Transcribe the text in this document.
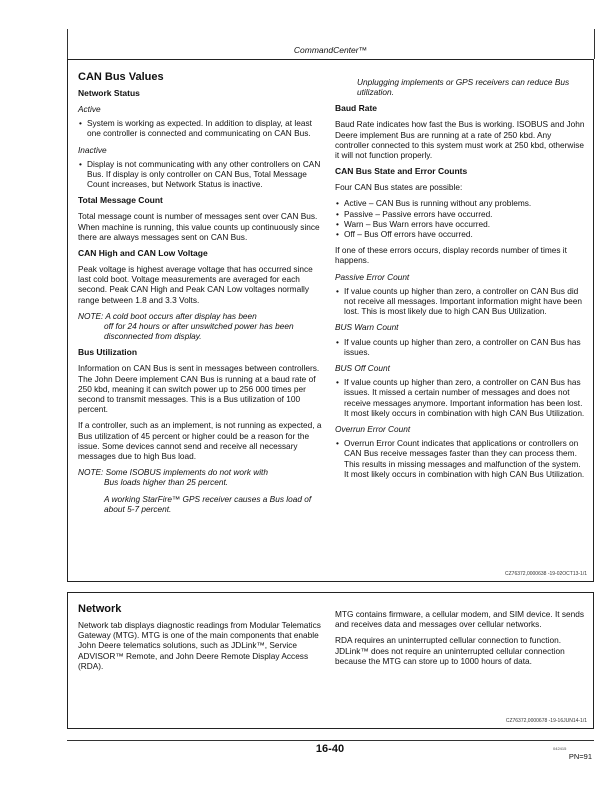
CommandCenter™
CAN Bus Values
Network Status
Active
• System is working as expected. In addition to display, at least one controller is connected and communicating on CAN Bus.
Inactive
• Display is not communicating with any other controllers on CAN Bus. If display is only controller on CAN Bus, Total Message Count increases, but Network Status is inactive.
Total Message Count

Total message count is number of messages sent over CAN Bus. When machine is running, this value counts up continuously since there are always messages sent on CAN Bus.

CAN High and CAN Low Voltage

Peak voltage is highest average voltage that has occurred since last cold boot. Voltage measurements are averaged for each second. Peak CAN High and Peak CAN Low voltages normally range between 1.8 and 3.3 Volts.

NOTE: A cold boot occurs after display has been
off for 24 hours or after unswitched power has been disconnected from display.
Bus Utilization

Information on CAN Bus is sent in messages between controllers. The John Deere implement CAN Bus is running at a baud rate of 250 kbd, meaning it can switch power up to 256 000 times per second to transmit messages. This is a Bus utilization of 100 percent.

If a controller, such as an implement, is not running as expected, a Bus utilization of 45 percent or higher could be a reason for the issue. Some devices cannot send and receive all necessary messages due to high Bus load.

NOTE: Some ISOBUS implements do not work with
Bus loads higher than 25 percent.
A working StarFire™ GPS receiver causes a Bus load of about 5-7 percent.
Unplugging implements or GPS receivers can reduce Bus utilization.
Baud Rate

Baud Rate indicates how fast the Bus is working. ISOBUS and John Deere implement Bus are running at a rate of 250 kbd. Any controller connected to this system must work at 250 kbd, otherwise it will not function properly.

CAN Bus State and Error Counts

Four CAN Bus states are possible:

• Active – CAN Bus is running without any problems.
• Passive – Passive errors have occurred.
• Warn – Bus Warn errors have occurred.
• Off – Bus Off errors have occurred.

If one of these errors occurs, display records number of times it happens.

Passive Error Count
• If value counts up higher than zero, a controller on CAN Bus did not receive all messages. Important information might have been lost. This is most likely due to high CAN Bus Utilization.
BUS Warn Count
• If value counts up higher than zero, a controller on CAN Bus has issues.
BUS Off Count
• If value counts up higher than zero, a controller on CAN Bus has issues. It missed a certain number of messages and does not receive messages anymore. Important information has been lost. It most likely occurs in combination with high CAN Bus Utilization.
Overrun Error Count
• Overrun Error Count indicates that applications or controllers on CAN Bus receive messages faster than they can process them. This results in missing messages and malfunction of the system. It most likely occurs in combination with high CAN Bus Utilization.
CZ76372,0000638 -19-02OCT13-1/1
Network

Network tab displays diagnostic readings from Modular Telematics Gateway (MTG). MTG is one of the main components that enable John Deere telematics solutions, such as JDLink™, Service ADVISOR™ Remote, and John Deere Remote Display Access (RDA).

MTG contains firmware, a cellular modem, and SIM device. It sends and receives data and messages over cellular networks.

RDA requires an uninterrupted cellular connection to function. JDLink™ does not require an uninterrupted cellular connection because the MTG can store up to 1000 hours of data.

CZ76372,0000678 -19-16JUN14-1/1
16-40	042415
PN=91
